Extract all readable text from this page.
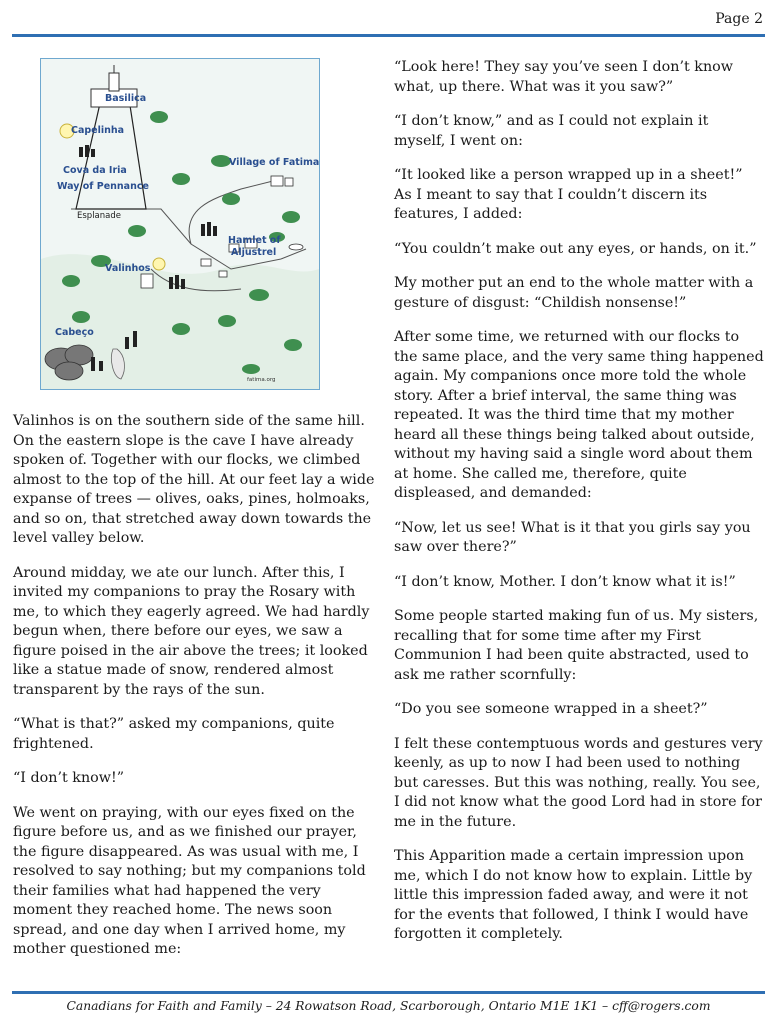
Page 2
Basilica
Capelinha
Cova da Iria
Way of Pennance
Esplanade
Village of Fatima
Hamlet of
Aljustrel
Valinhos
Cabeço
fatima.org

Valinhos is on the southern side of the same hill. On the eastern slope is the cave I have already spoken of. Together with our flocks, we climbed almost to the top of the hill. At our feet lay a wide expanse of trees — olives, oaks, pines, holmoaks, and so on, that stretched away down towards the level valley below.

Around midday, we ate our lunch. After this, I invited my companions to pray the Rosary with me, to which they eagerly agreed. We had hardly begun when, there before our eyes, we saw a figure poised in the air above the trees; it looked like a statue made of snow, rendered almost transparent by the rays of the sun.

“What is that?” asked my companions, quite frightened.

“I don’t know!”

We went on praying, with our eyes fixed on the figure before us, and as we finished our prayer, the figure disappeared. As was usual with me, I resolved to say nothing; but my companions told their families what had happened the very moment they reached home. The news soon spread, and one day when I arrived home, my mother questioned me:

“Look here! They say you’ve seen I don’t know what, up there. What was it you saw?”

“I don’t know,” and as I could not explain it myself, I went on:

“It looked like a person wrapped up in a sheet!” As I meant to say that I couldn’t discern its features, I added:

“You couldn’t make out any eyes, or hands, on it.”

My mother put an end to the whole matter with a gesture of disgust: “Childish nonsense!”

After some time, we returned with our flocks to the same place, and the very same thing happened again. My companions once more told the whole story. After a brief interval, the same thing was repeated. It was the third time that my mother heard all these things being talked about outside, without my having said a single word about them at home. She called me, therefore, quite displeased, and demanded:

“Now, let us see! What is it that you girls say you saw over there?”

“I don’t know, Mother. I don’t know what it is!”

Some people started making fun of us. My sisters, recalling that for some time after my First Communion I had been quite abstracted, used to ask me rather scornfully:

“Do you see someone wrapped in a sheet?”

I felt these contemptuous words and gestures very keenly, as up to now I had been used to nothing but caresses. But this was nothing, really. You see, I did not know what the good Lord had in store for me in the future.

This Apparition made a certain impression upon me, which I do not know how to explain. Little by little this impression faded away, and were it not for the events that followed, I think I would have forgotten it completely.

Canadians for Faith and Family – 24 Rowatson Road, Scarborough, Ontario M1E 1K1 – cff@rogers.com
